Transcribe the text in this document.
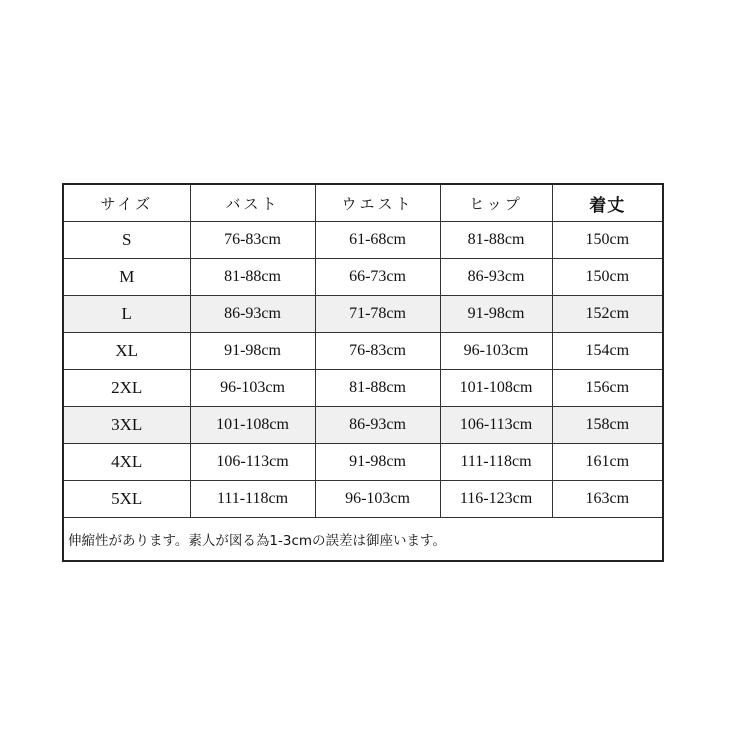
サイズ	バスト	ウエスト	ヒップ	着丈
S	76-83cm	61-68cm	81-88cm	150cm
M	81-88cm	66-73cm	86-93cm	150cm
L	86-93cm	71-78cm	91-98cm	152cm
XL	91-98cm	76-83cm	96-103cm	154cm
2XL	96-103cm	81-88cm	101-108cm	156cm
3XL	101-108cm	86-93cm	106-113cm	158cm
4XL	106-113cm	91-98cm	111-118cm	161cm
5XL	111-118cm	96-103cm	116-123cm	163cm
伸縮性があります。素人が図る為1-3cmの誤差は御座います。				
